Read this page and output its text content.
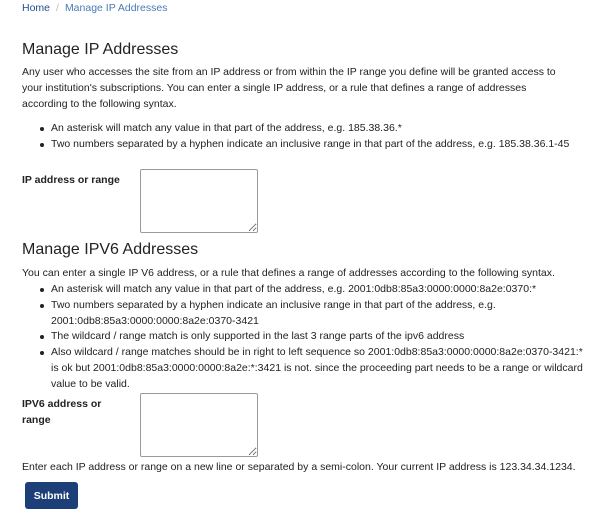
Home / Manage IP Addresses
Manage IP Addresses

Any user who accesses the site from an IP address or from within the IP range you define will be granted access to your institution's subscriptions. You can enter a single IP address, or a rule that defines a range of addresses according to the following syntax.

An asterisk will match any value in that part of the address, e.g. 185.38.36.*
Two numbers separated by a hyphen indicate an inclusive range in that part of the address, e.g. 185.38.36.1-45
IP address or range
Manage IPV6 Addresses

You can enter a single IP V6 address, or a rule that defines a range of addresses according to the following syntax.

An asterisk will match any value in that part of the address, e.g. 2001:0db8:85a3:0000:0000:8a2e:0370:*
Two numbers separated by a hyphen indicate an inclusive range in that part of the address, e.g. 2001:0db8:85a3:0000:0000:8a2e:0370-3421
The wildcard / range match is only supported in the last 3 range parts of the ipv6 address
Also wildcard / range matches should be in right to left sequence so 2001:0db8:85a3:0000:0000:8a2e:0370-3421:* is ok but 2001:0db8:85a3:0000:0000:8a2e:*:3421 is not. since the proceeding part needs to be a range or wildcard value to be valid.
IPV6 address or range
Enter each IP address or range on a new line or separated by a semi-colon. Your current IP address is 123.34.34.1234.
Submit
